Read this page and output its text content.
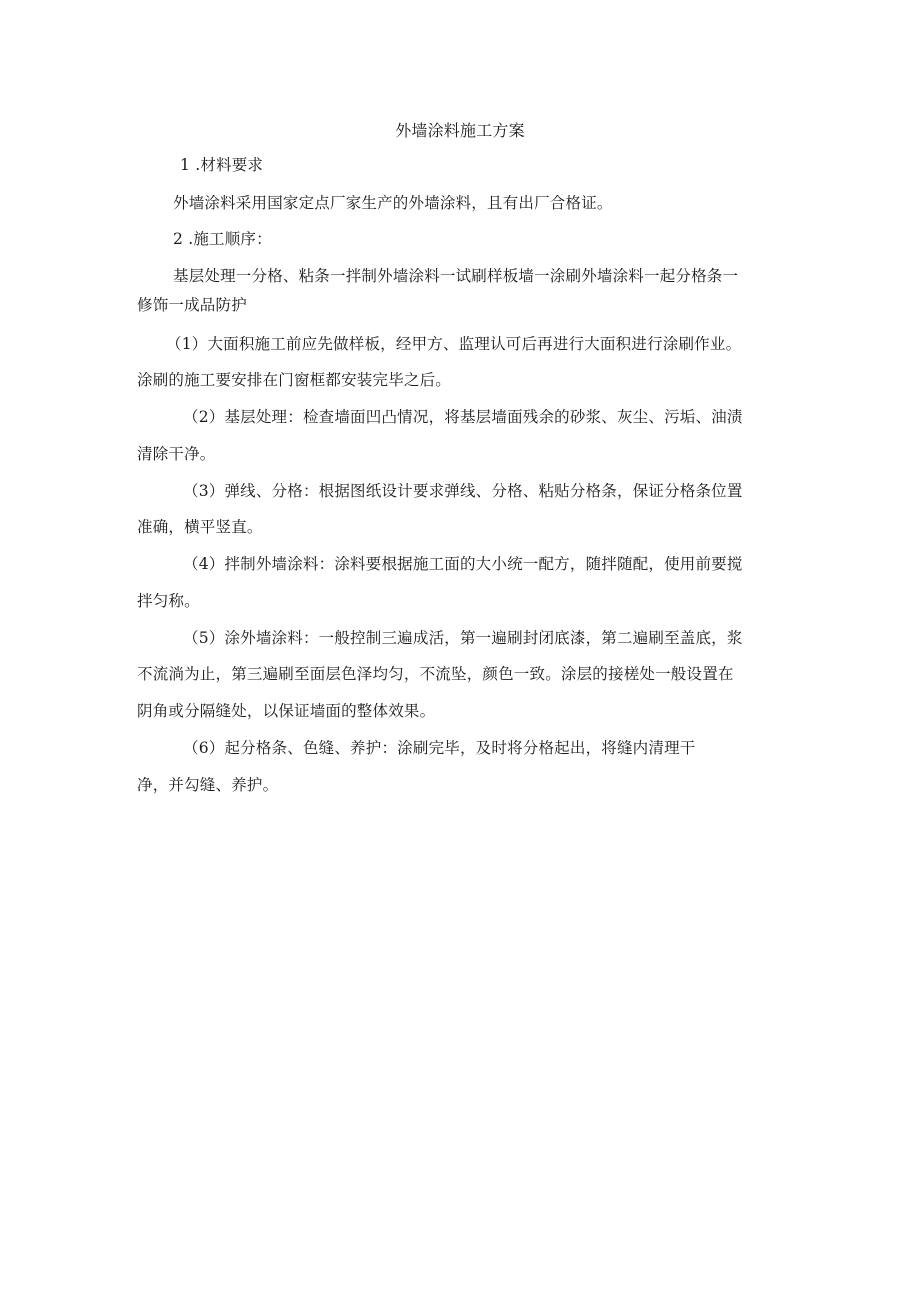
外墙涂料施工方案
1 .材料要求
外墙涂料采用国家定点厂家生产的外墙涂料，且有出厂合格证。
2 .施工顺序：
基层处理一分格、粘条一拌制外墙涂料一试刷样板墙一涂刷外墙涂料一起分格条一
修饰一成品防护
（1）大面积施工前应先做样板，经甲方、监理认可后再进行大面积进行涂刷作业。
涂刷的施工要安排在门窗框都安装完毕之后。
（2）基层处理：检查墙面凹凸情况，将基层墙面残余的砂浆、灰尘、污垢、油渍
清除干净。
（3）弹线、分格：根据图纸设计要求弹线、分格、粘贴分格条，保证分格条位置
准确，横平竖直。
（4）拌制外墙涂料：涂料要根据施工面的大小统一配方，随拌随配，使用前要搅
拌匀称。
（5）涂外墙涂料：一般控制三遍成活，第一遍刷封闭底漆，第二遍刷至盖底，浆
不流淌为止，第三遍刷至面层色泽均匀，不流坠，颜色一致。涂层的接槎处一般设置在
阴角或分隔缝处，以保证墙面的整体效果。
（6）起分格条、色缝、养护：涂刷完毕，及时将分格起出，将缝内清理干
净，并勾缝、养护。
